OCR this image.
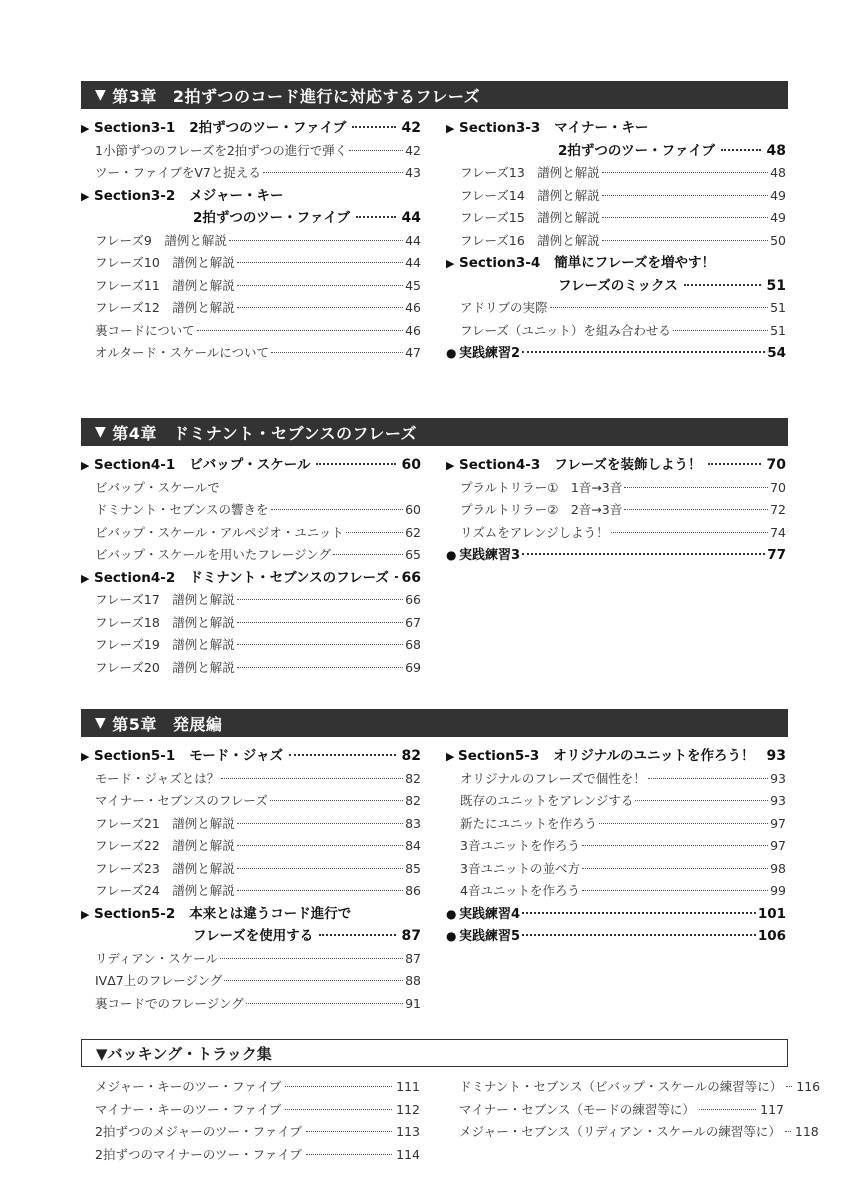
▼ 第3章 2拍ずつのコード進行に対応するフレーズ
▶ Section3-1 2拍ずつのツー・ファイブ	42
1小節ずつのフレーズを2拍ずつの進行で弾く	42
ツー・ファイブをV7と捉える	43
▶ Section3-2 メジャー・キー
2拍ずつのツー・ファイブ	44
フレーズ9　譜例と解説	44
フレーズ10　譜例と解説	44
フレーズ11　譜例と解説	45
フレーズ12　譜例と解説	46
裏コードについて	46
オルタード・スケールについて	47
▶ Section3-3 マイナー・キー
2拍ずつのツー・ファイブ	48
フレーズ13　譜例と解説	48
フレーズ14　譜例と解説	49
フレーズ15　譜例と解説	49
フレーズ16　譜例と解説	50
▶ Section3-4 簡単にフレーズを増やす！
フレーズのミックス	51
アドリブの実際	51
フレーズ（ユニット）を組み合わせる	51
● 実践練習2	54
▼ 第4章 ドミナント・セブンスのフレーズ
▶ Section4-1 ビバップ・スケール	60
ビバップ・スケールで
ドミナント・セブンスの響きを	60
ビバップ・スケール・アルペジオ・ユニット	62
ビバップ・スケールを用いたフレージング	65
▶ Section4-2 ドミナント・セブンスのフレーズ 66
フレーズ17　譜例と解説	66
フレーズ18　譜例と解説	67
フレーズ19　譜例と解説	68
フレーズ20　譜例と解説	69
▶ Section4-3 フレーズを装飾しよう！	70
プラルトリラー①　1音→3音	70
プラルトリラー②　2音→3音	72
リズムをアレンジしよう！	74
● 実践練習3	77
▼ 第5章 発展編
▶ Section5-1 モード・ジャズ	82
モード・ジャズとは？	82
マイナー・セブンスのフレーズ	82
フレーズ21　譜例と解説	83
フレーズ22　譜例と解説	84
フレーズ23　譜例と解説	85
フレーズ24　譜例と解説	86
▶ Section5-2 本来とは違うコード進行で
フレーズを使用する	87
リディアン・スケール	87
IVΔ7上のフレージング	88
裏コードでのフレージング	91
▶ Section5-3 オリジナルのユニットを作ろう！ 93
オリジナルのフレーズで個性を！	93
既存のユニットをアレンジする	93
新たにユニットを作ろう	97
3音ユニットを作ろう	97
3音ユニットの並べ方	98
4音ユニットを作ろう	99
● 実践練習4	101
● 実践練習5	106
▼バッキング・トラック集
メジャー・キーのツー・ファイブ	111
マイナー・キーのツー・ファイブ	112
2拍ずつのメジャーのツー・ファイブ	113
2拍ずつのマイナーのツー・ファイブ	114
ドミナント・セブンス（ビバップ・スケールの練習等に） 116
マイナー・セブンス（モードの練習等に）	117
メジャー・セブンス（リディアン・スケールの練習等に） 118
